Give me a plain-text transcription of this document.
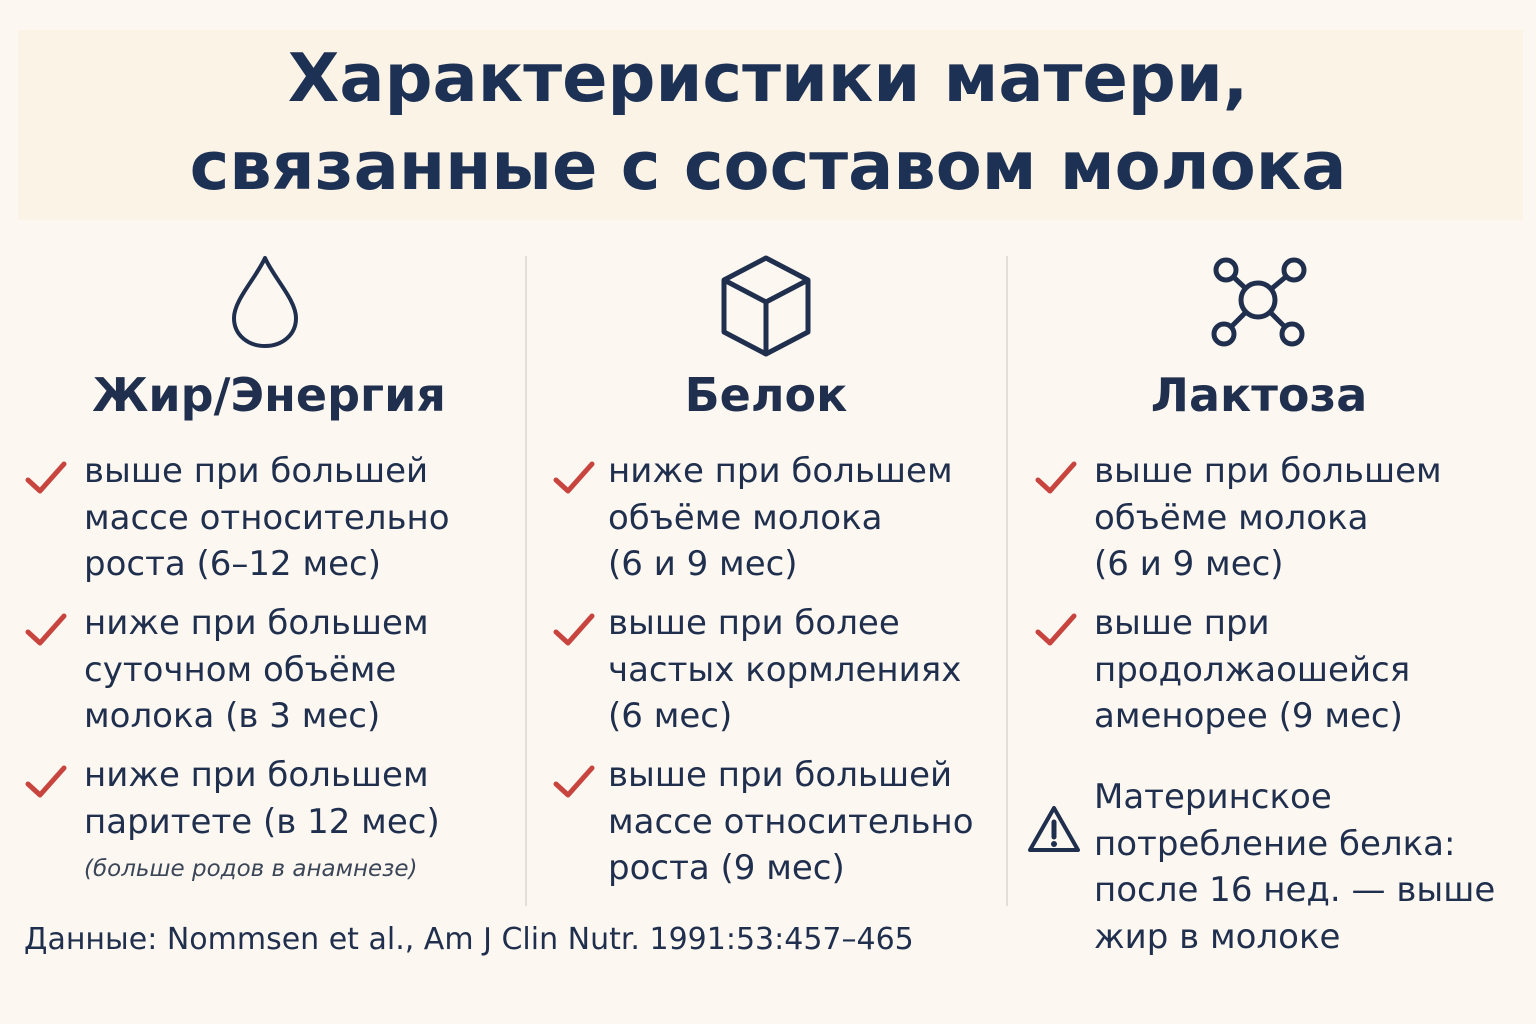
Характеристики матери,
связанные с составом молока
Жир/Энергия
выше при большей
массе относительно
роста (6–12 мес)
ниже при большем
суточном объёме
молока (в 3 мес)
ниже при большем
паритете (в 12 мес)
(больше родов в анамнезе)
Белок
ниже при большем
объёме молока
(6 и 9 мес)
выше при более
частых кормлениях
(6 мес)
выше при большей
массе относительно
роста (9 мес)
Лактоза
выше при большем
объёме молока
(6 и 9 мес)
выше при
продолжаошейся
аменорее (9 мес)
Материнское
потребление белка:
после 16 нед. — выше
жир в молоке
Данные: Nommsen et al., Am J Clin Nutr. 1991:53:457–465
